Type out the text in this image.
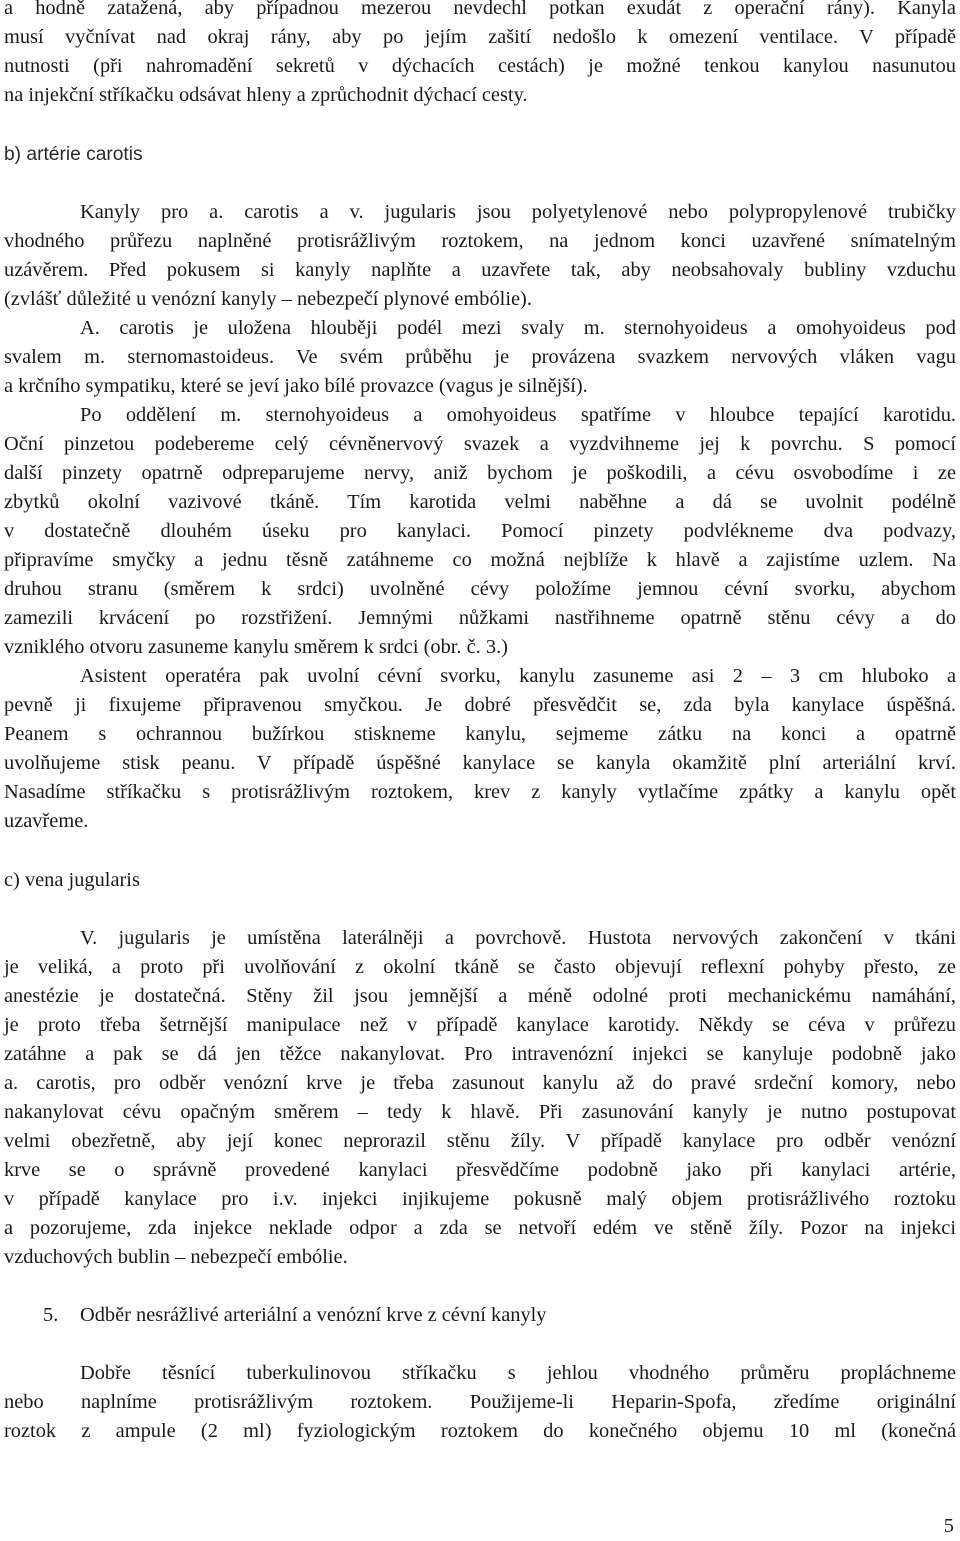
a hodně zatažená, aby případnou mezerou nevdechl potkan exudát z operační rány). Kanyla

musí vyčnívat nad okraj rány, aby po jejím zašití nedošlo k omezení ventilace. V případě

nutnosti (při nahromadění sekretů v dýchacích cestách) je možné tenkou kanylou nasunutou

na injekční stříkačku odsávat hleny a zprůchodnit dýchací cesty.

b) artérie carotis

Kanyly pro a. carotis a v. jugularis jsou polyetylenové nebo polypropylenové trubičky

vhodného průřezu naplněné protisrážlivým roztokem, na jednom konci uzavřené snímatelným

uzávěrem. Před pokusem si kanyly naplňte a uzavřete tak, aby neobsahovaly bubliny vzduchu

(zvlášť důležité u venózní kanyly – nebezpečí plynové embólie).

A. carotis je uložena hlouběji podél mezi svaly m. sternohyoideus a omohyoideus pod

svalem m. sternomastoideus. Ve svém průběhu je provázena svazkem nervových vláken vagu

a krčního sympatiku, které se jeví jako bílé provazce (vagus je silnější).

Po oddělení m. sternohyoideus a omohyoideus spatříme v hloubce tepající karotidu.

Oční pinzetou podebereme celý cévněnervový svazek a vyzdvihneme jej k povrchu. S pomocí

další pinzety opatrně odpreparujeme nervy, aniž bychom je poškodili, a cévu osvobodíme i ze

zbytků okolní vazivové tkáně. Tím karotida velmi naběhne a dá se uvolnit podélně

v dostatečně dlouhém úseku pro kanylaci. Pomocí pinzety podvlékneme dva podvazy,

připravíme smyčky a jednu těsně zatáhneme co možná nejblíže k hlavě a zajistíme uzlem. Na

druhou stranu (směrem k srdci) uvolněné cévy položíme jemnou cévní svorku, abychom

zamezili krvácení po rozstřižení. Jemnými nůžkami nastřihneme opatrně stěnu cévy a do

vzniklého otvoru zasuneme kanylu směrem k srdci (obr. č. 3.)

Asistent operatéra pak uvolní cévní svorku, kanylu zasuneme asi 2 – 3 cm hluboko a

pevně ji fixujeme připravenou smyčkou. Je dobré přesvědčit se, zda byla kanylace úspěšná.

Peanem s ochrannou bužírkou stiskneme kanylu, sejmeme zátku na konci a opatrně

uvolňujeme stisk peanu. V případě úspěšné kanylace se kanyla okamžitě plní arteriální krví.

Nasadíme stříkačku s protisrážlivým roztokem, krev z kanyly vytlačíme zpátky a kanylu opět

uzavřeme.

c) vena jugularis

V. jugularis je umístěna laterálněji a povrchově. Hustota nervových zakončení v tkáni

je veliká, a proto při uvolňování z okolní tkáně se často objevují reflexní pohyby přesto, ze

anestézie je dostatečná. Stěny žil jsou jemnější a méně odolné proti mechanickému namáhání,

je proto třeba šetrnější manipulace než v případě kanylace karotidy. Někdy se céva v průřezu

zatáhne a pak se dá jen těžce nakanylovat. Pro intravenózní injekci se kanyluje podobně jako

a. carotis, pro odběr venózní krve je třeba zasunout kanylu až do pravé srdeční komory, nebo

nakanylovat cévu opačným směrem – tedy k hlavě. Při zasunování kanyly je nutno postupovat

velmi obezřetně, aby její konec neprorazil stěnu žíly. V případě kanylace pro odběr venózní

krve se o správně provedené kanylaci přesvědčíme podobně jako při kanylaci artérie,

v případě kanylace pro i.v. injekci injikujeme pokusně malý objem protisrážlivého roztoku

a pozorujeme, zda injekce neklade odpor a zda se netvoří edém ve stěně žíly. Pozor na injekci

vzduchových bublin – nebezpečí embólie.

5. Odběr nesrážlivé arteriální a venózní krve z cévní kanyly

Dobře těsnící tuberkulinovou stříkačku s jehlou vhodného průměru propláchneme

nebo naplníme protisrážlivým roztokem. Použijeme-li Heparin-Spofa, zředíme originální

roztok z ampule (2 ml) fyziologickým roztokem do konečného objemu 10 ml (konečná

5
